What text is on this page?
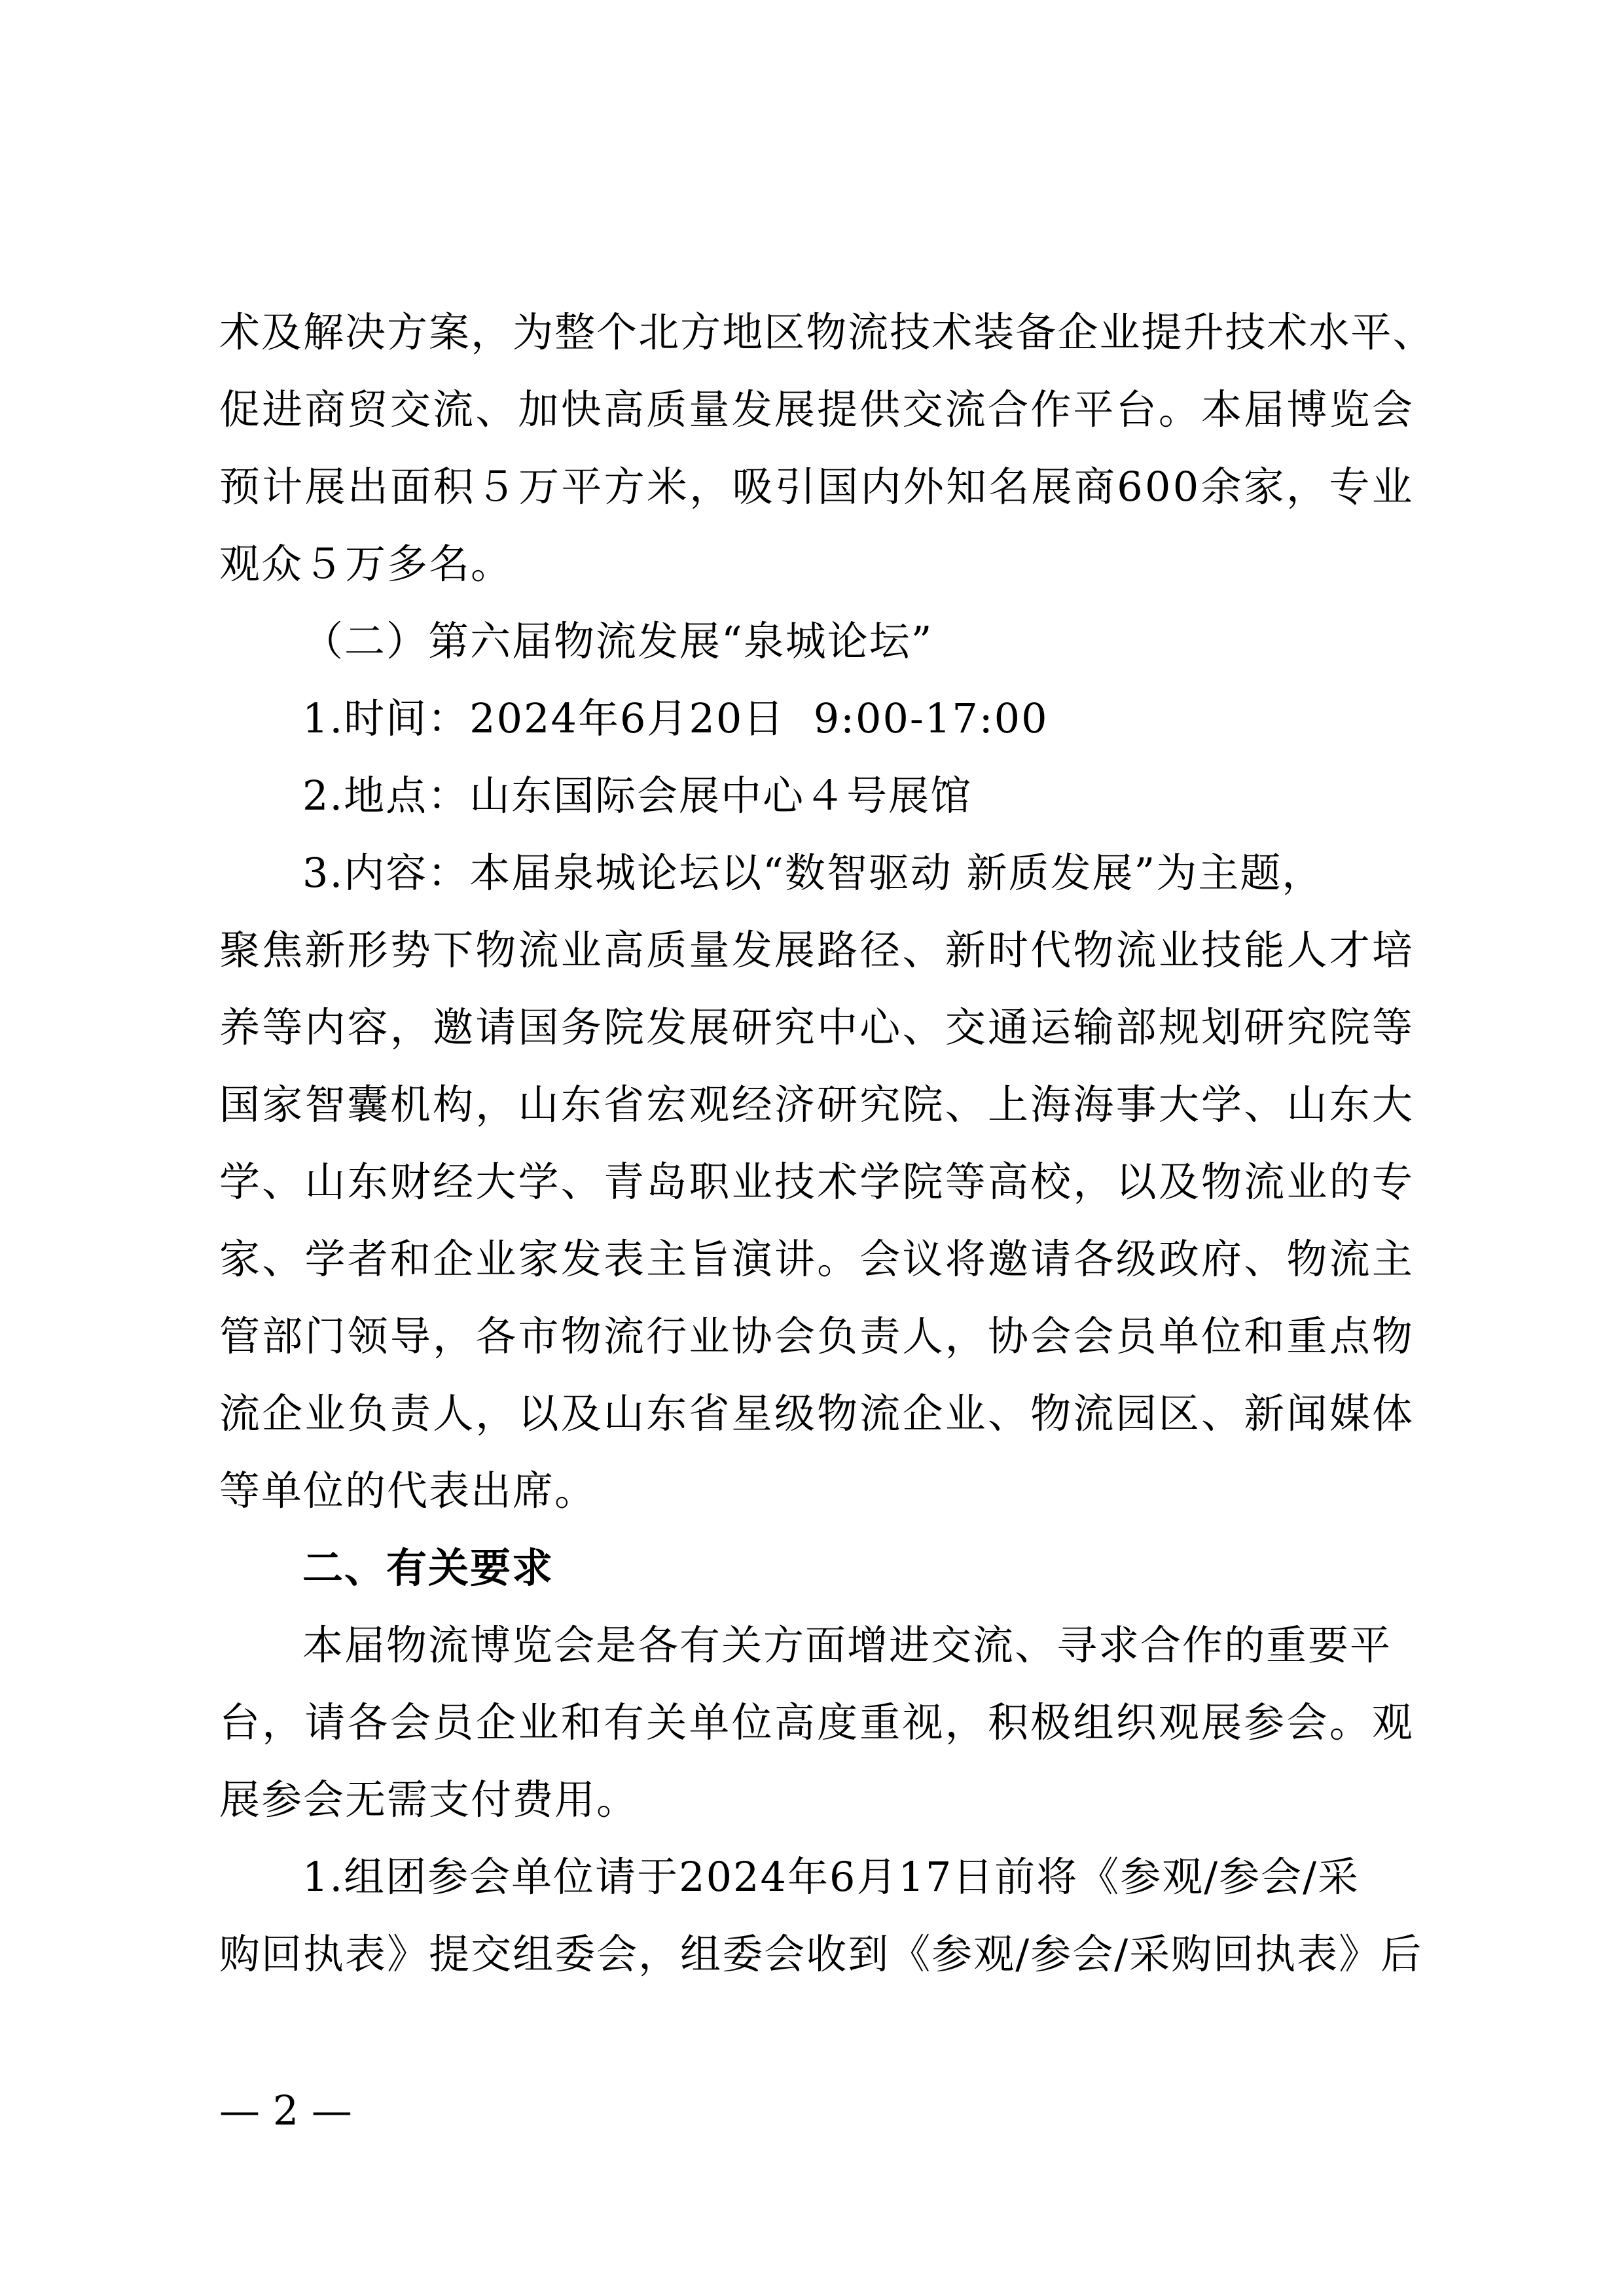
术 及 解 决 方 案 ， 为 整 个 北 方 地 区 物 流 技 术 装 备 企 业 提 升 技 术 水 平 、
促 进 商 贸 交 流 、 加 快 高 质 量 发 展 提 供 交 流 合 作 平 台 。 本 届 博 览 会
预 计 展 出 面 积 ５ 万 平 方 米 ， 吸 引 国 内 外 知 名 展 商 6 0 0 余 家 ， 专 业
观众５万多名。
（二）第六届物流发展“泉城论坛”
1.时间：2024年6月20日  9:00-17:00
2.地点：山东国际会展中心４号展馆
3.内容：本届泉城论坛以“数智驱动 新质发展”为主题，
聚 焦 新 形 势 下 物 流 业 高 质 量 发 展 路 径 、 新 时 代 物 流 业 技 能 人 才 培
养 等 内 容 ， 邀 请 国 务 院 发 展 研 究 中 心 、 交 通 运 输 部 规 划 研 究 院 等
国 家 智 囊 机 构 ， 山 东 省 宏 观 经 济 研 究 院 、 上 海 海 事 大 学 、 山 东 大
学 、 山 东 财 经 大 学 、 青 岛 职 业 技 术 学 院 等 高 校 ， 以 及 物 流 业 的 专
家 、 学 者 和 企 业 家 发 表 主 旨 演 讲 。 会 议 将 邀 请 各 级 政 府 、 物 流 主
管 部 门 领 导 ， 各 市 物 流 行 业 协 会 负 责 人 ， 协 会 会 员 单 位 和 重 点 物
流 企 业 负 责 人 ， 以 及 山 东 省 星 级 物 流 企 业 、 物 流 园 区 、 新 闻 媒 体
等单位的代表出席。
二、有关要求
本届物流博览会是各有关方面增进交流、寻求合作的重要平
台 ， 请 各 会 员 企 业 和 有 关 单 位 高 度 重 视 ， 积 极 组 织 观 展 参 会 。 观
展参会无需支付费用。
1.组团参会单位请于2024年6月17日前将《参观/参会/采
购 回 执 表 》 提 交 组 委 会 ， 组 委 会 收 到 《 参 观 / 参 会 / 采 购 回 执 表 》 后
— 2 —
